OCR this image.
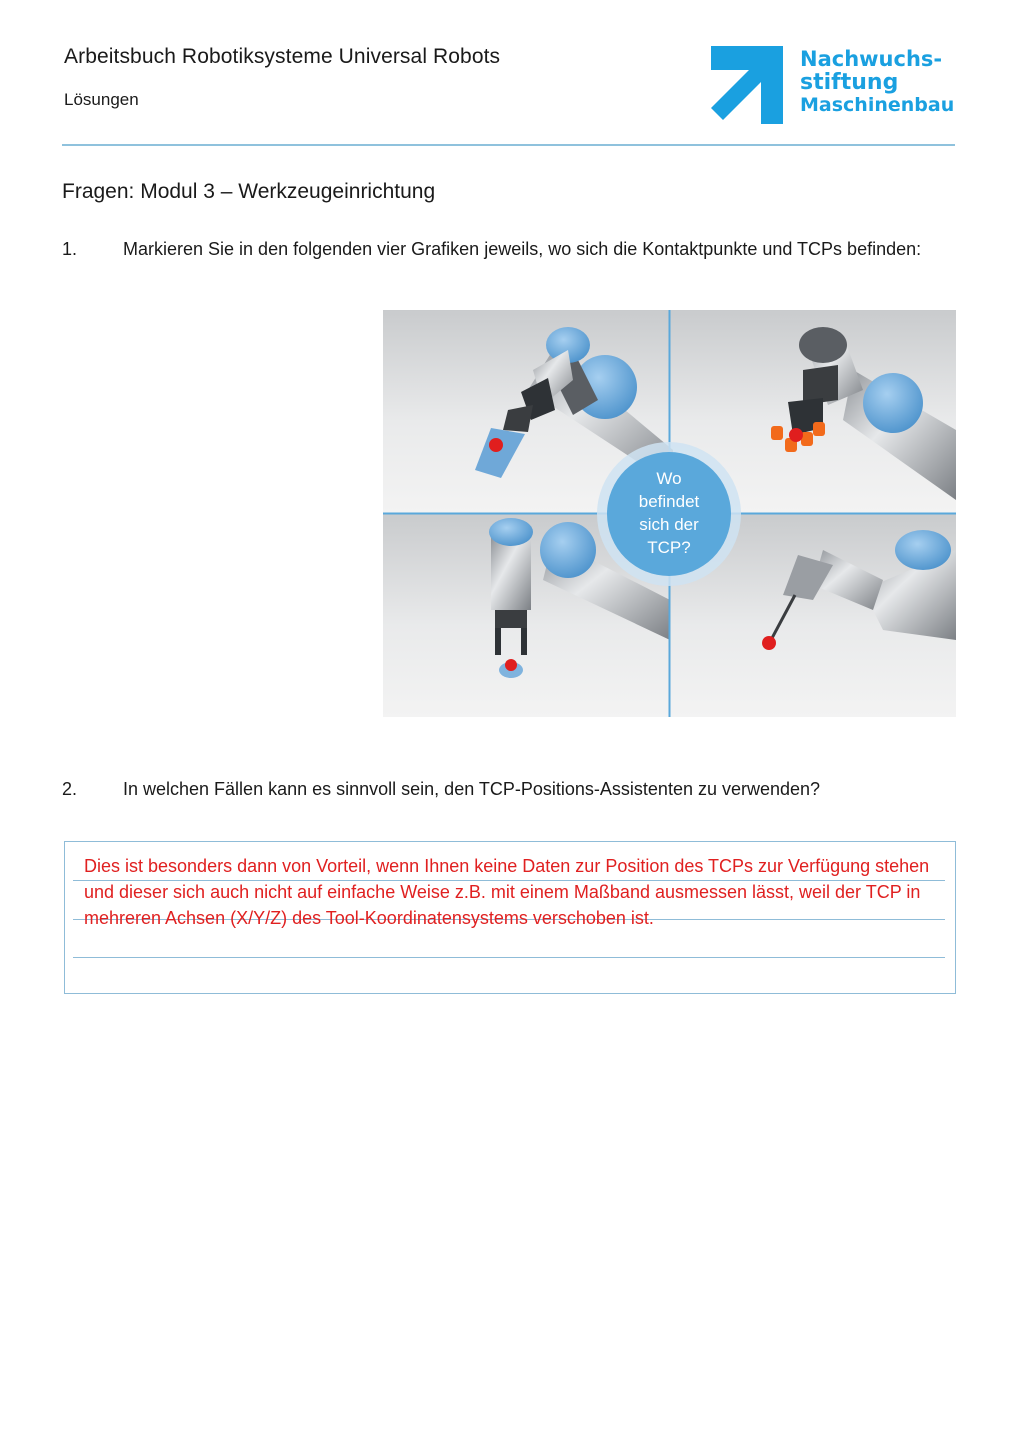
Arbeitsbuch Robotiksysteme Universal Robots
Lösungen
Nachwuchs-
stiftung
Maschinenbau
Fragen: Modul 3 – Werkzeugeinrichtung
1.	Markieren Sie in den folgenden vier Grafiken jeweils, wo sich die Kontaktpunkte und TCPs befinden:
Wo
befindet
sich der
TCP?
2.	In welchen Fällen kann es sinnvoll sein, den TCP-Positions-Assistenten zu verwenden?
Dies ist besonders dann von Vorteil, wenn Ihnen keine Daten zur Position des TCPs zur Verfügung stehen und dieser sich auch nicht auf einfache Weise z.B. mit einem Maßband ausmessen lässt, weil der TCP in mehreren Achsen (X/Y/Z) des Tool-Koordinatensystems verschoben ist.
